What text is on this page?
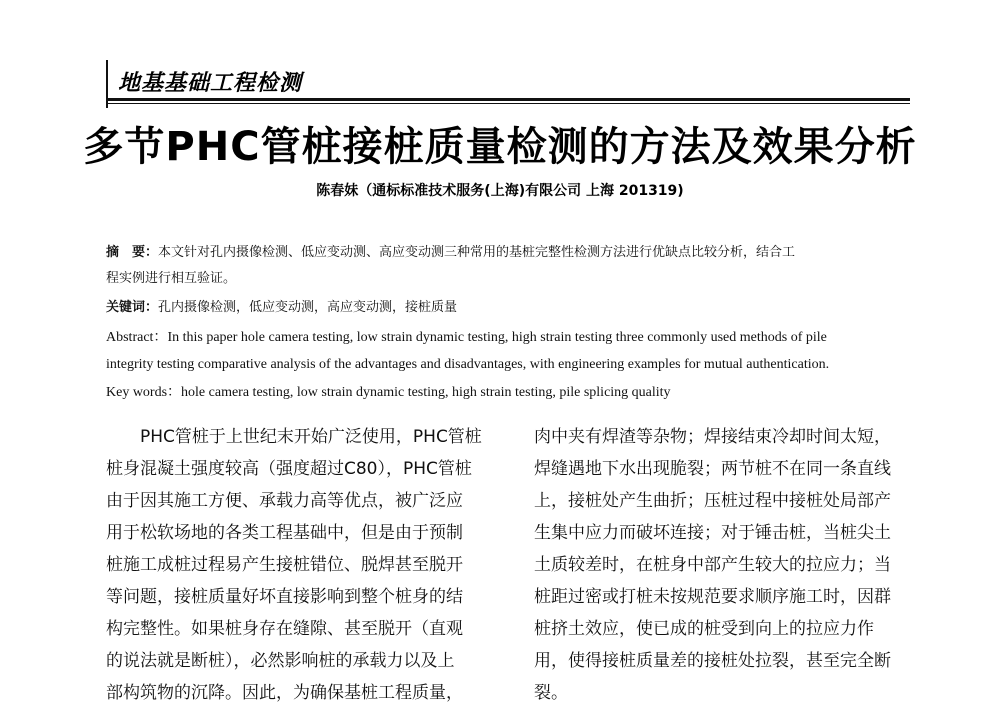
地基基础工程检测
多节PHC管桩接桩质量检测的方法及效果分析
陈春妹（通标标准技术服务(上海)有限公司 上海 201319)
摘　要：本文针对孔内摄像检测、低应变动测、高应变动测三种常用的基桩完整性检测方法进行优缺点比较分析，结合工
程实例进行相互验证。
关键词：孔内摄像检测，低应变动测，高应变动测，接桩质量
Abstract：In this paper hole camera testing, low strain dynamic testing, high strain testing three commonly used methods of pile
integrity testing comparative analysis of the advantages and disadvantages, with engineering examples for mutual authentication.
Key words：hole camera testing, low strain dynamic testing, high strain testing, pile splicing quality
　　PHC管桩于上世纪末开始广泛使用，PHC管桩
桩身混凝土强度较高（强度超过C80），PHC管桩
由于因其施工方便、承载力高等优点，被广泛应
用于松软场地的各类工程基础中，但是由于预制
桩施工成桩过程易产生接桩错位、脱焊甚至脱开
等问题，接桩质量好坏直接影响到整个桩身的结
构完整性。如果桩身存在缝隙、甚至脱开（直观
的说法就是断桩），必然影响桩的承载力以及上
部构筑物的沉降。因此，为确保基桩工程质量，
肉中夹有焊渣等杂物；焊接结束冷却时间太短，
焊缝遇地下水出现脆裂；两节桩不在同一条直线
上，接桩处产生曲折；压桩过程中接桩处局部产
生集中应力而破坏连接；对于锤击桩，当桩尖土
土质较差时，在桩身中部产生较大的拉应力；当
桩距过密或打桩未按规范要求顺序施工时，因群
桩挤土效应，使已成的桩受到向上的拉应力作
用，使得接桩质量差的接桩处拉裂，甚至完全断
裂。
